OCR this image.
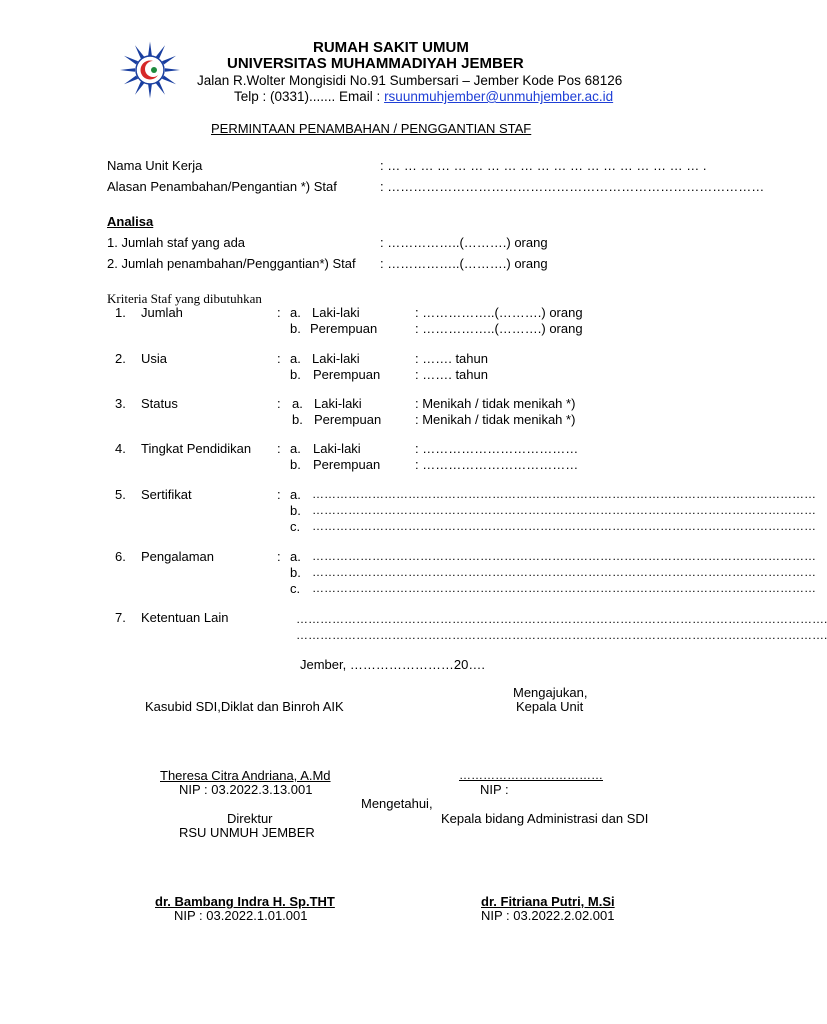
RUMAH SAKIT UMUM
UNIVERSITAS MUHAMMADIYAH JEMBER
Jalan R.Wolter Mongisidi No.91 Sumbersari – Jember Kode Pos 68126
Telp : (0331)....... Email : rsuunmuhjember@unmuhjember.ac.id
PERMINTAAN PENAMBAHAN / PENGGANTIAN STAF
Nama Unit Kerja	: … … … … … … … … … … … … … … … … … … … .
Alasan Penambahan/Pengantian *) Staf	: ……………………………………………………………………………
Analisa
1. Jumlah staf yang ada	: ……………..(……….) orang
2. Jumlah penambahan/Penggantian*) Staf : ……………..(……….) orang
Kriteria Staf yang dibutuhkan
1. Jumlah	: a. Laki-laki	: ……………..(……….) orang
b. Perempuan	: ……………..(……….) orang
2. Usia	: a. Laki-laki	: ……. tahun
b. Perempuan	: ……. tahun
3. Status	: a. Laki-laki	: Menikah / tidak menikah *)
b. Perempuan	: Menikah / tidak menikah *)
4. Tingkat Pendidikan : a. Laki-laki	: ………………………………
b. Perempuan	: ………………………………
5. Sertifikat	: a. ………………………………………………………………………………………………………………
b. ………………………………………………………………………………………………………………
c. ………………………………………………………………………………………………………………
6. Pengalaman	: a. ………………………………………………………………………………………………………………
b. ………………………………………………………………………………………………………………
c. ………………………………………………………………………………………………………………
7. Ketentuan Lain	…………………………………………………………………………………………………………………….
…………………………………………………………………………………………………………………….
Jember, ……………………20….
Mengajukan,
Kepala Unit
Kasubid SDI,Diklat dan Binroh AIK
Theresa Citra Andriana, A.Md
NIP : 03.2022.3.13.001
………………………………
NIP :
Mengetahui,
Direktur	Kepala bidang Administrasi dan SDI
RSU UNMUH JEMBER
dr. Bambang Indra H. Sp.THT
NIP : 03.2022.1.01.001
dr. Fitriana Putri, M.Si
NIP : 03.2022.2.02.001
